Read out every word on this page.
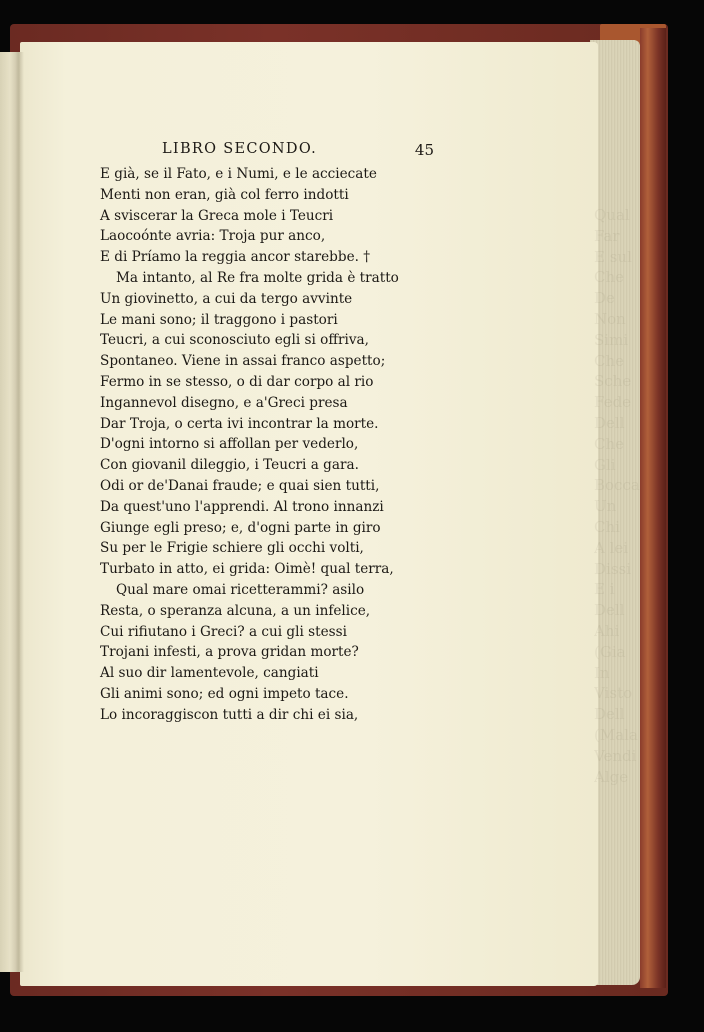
Qual
Far
E sul
Che
De
Non
Simi
Che
Sche
Fede
Dell
Che
Gli
Bocca
Un
Chi
A lei
Dissi
E i
Dell
Ahi
(Gia
In
Visto
Dell
(Mala
Vendi
Alge
LIBRO SECONDO.	45
E già, se il Fato, e i Numi, e le acciecate
Menti non eran, già col ferro indotti
A sviscerar la Greca mole i Teucri
Laocoónte avria: Troja pur anco,
E di Príamo la reggia ancor starebbe. †
Ma intanto, al Re fra molte grida è tratto
Un giovinetto, a cui da tergo avvinte
Le mani sono; il traggono i pastori
Teucri, a cui sconosciuto egli si offriva,
Spontaneo. Viene in assai franco aspetto;
Fermo in se stesso, o di dar corpo al rio
Ingannevol disegno, e a'Greci presa
Dar Troja, o certa ivi incontrar la morte.
D'ogni intorno si affollan per vederlo,
Con giovanil dileggio, i Teucri a gara.
Odi or de'Danai fraude; e quai sien tutti,
Da quest'uno l'apprendi. Al trono innanzi
Giunge egli preso; e, d'ogni parte in giro
Su per le Frigie schiere gli occhi volti,
Turbato in atto, ei grida: Oimè! qual terra,
Qual mare omai ricetterammi? asilo
Resta, o speranza alcuna, a un infelice,
Cui rifiutano i Greci? a cui gli stessi
Trojani infesti, a prova gridan morte?
Al suo dir lamentevole, cangiati
Gli animi sono; ed ogni impeto tace.
Lo incoraggiscon tutti a dir chi ei sia,
